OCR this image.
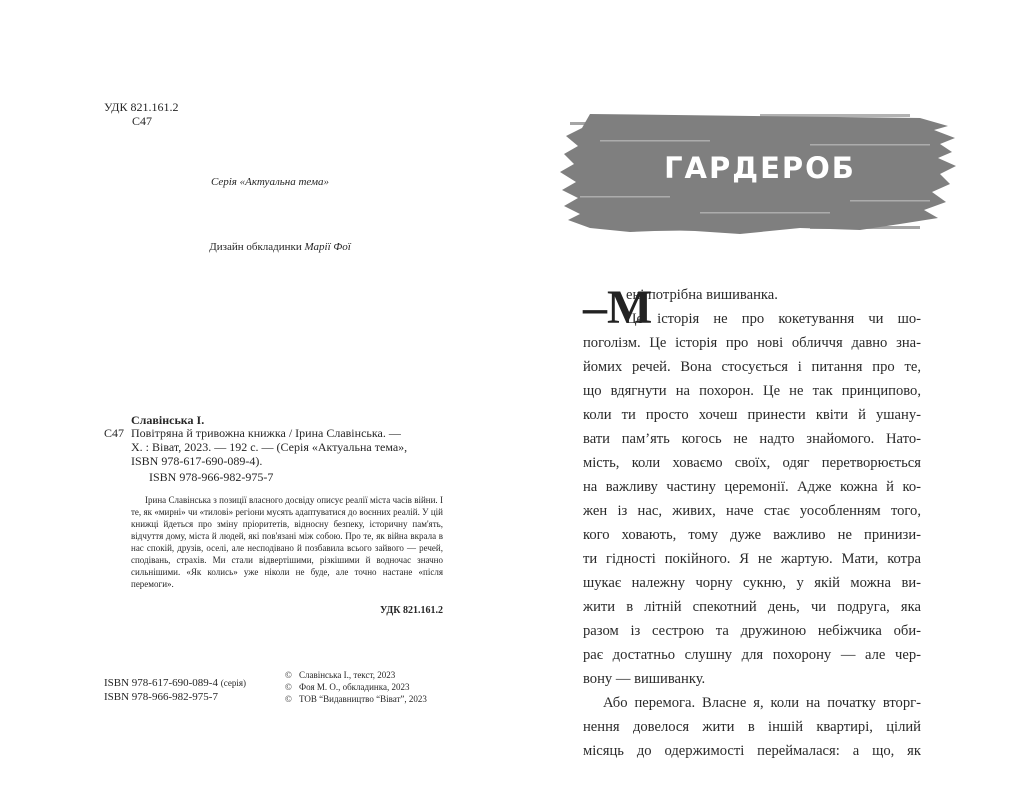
УДК 821.161.2
С47
Серія «Актуальна тема»
Дизайн обкладинки Марії Фої
Славінська І.
С47 Повітряна й тривожна книжка / Ірина Славінська. —
Х. : Віват, 2023. — 192 с. — (Серія «Актуальна тема»,
ISBN 978-617-690-089-4).
ISBN 978-966-982-975-7

Ірина Славінська з позиції власного досвіду описує реалії міста часів війни. І те, як «мирні» чи «тилові» регіони мусять адаптуватися до воєнних реалій. У цій книжці йдеться про зміну пріоритетів, відносну безпеку, історичну пам'ять, відчуття дому, міста й людей, які пов'язані між собою. Про те, як війна вкрала в нас спокій, друзів, оселі, але несподівано й позбавила всього зайвого — речей, сподівань, страхів. Ми стали відвертішими, різкішими й водночас значно сильнішими. «Як колись» уже ніколи не буде, але точно настане «після перемоги».

УДК 821.161.2
ISBN 978-617-690-089-4 (серія)
ISBN 978-966-982-975-7
© Славінська І., текст, 2023
© Фоя М. О., обкладинка, 2023
© ТОВ “Видавництво “Віват”, 2023
ГАРДЕРОБ
–М
ені потрібна вишиванка.
Це історія не про кокетування чи шо-
поголізм. Це історія про нові обличчя давно зна-
йомих речей. Вона стосується і питання про те,
що вдягнути на похорон. Це не так принципово,
коли ти просто хочеш принести квіти й ушану-
вати пам’ять когось не надто знайомого. Нато-
мість, коли ховаємо своїх, одяг перетворюється
на важливу частину церемонії. Адже кожна й ко-
жен із нас, живих, наче стає уособленням того,
кого ховають, тому дуже важливо не принизи-
ти гідності покійного. Я не жартую. Мати, котра
шукає належну чорну сукню, у якій можна ви-
жити в літній спекотний день, чи подруга, яка
разом із сестрою та дружиною небіжчика оби-
рає достатньо слушну для похорону — але чер-
вону — вишиванку.
Або перемога. Власне я, коли на початку вторг-
нення довелося жити в іншій квартирі, цілий
місяць до одержимості переймалася: а що, як
